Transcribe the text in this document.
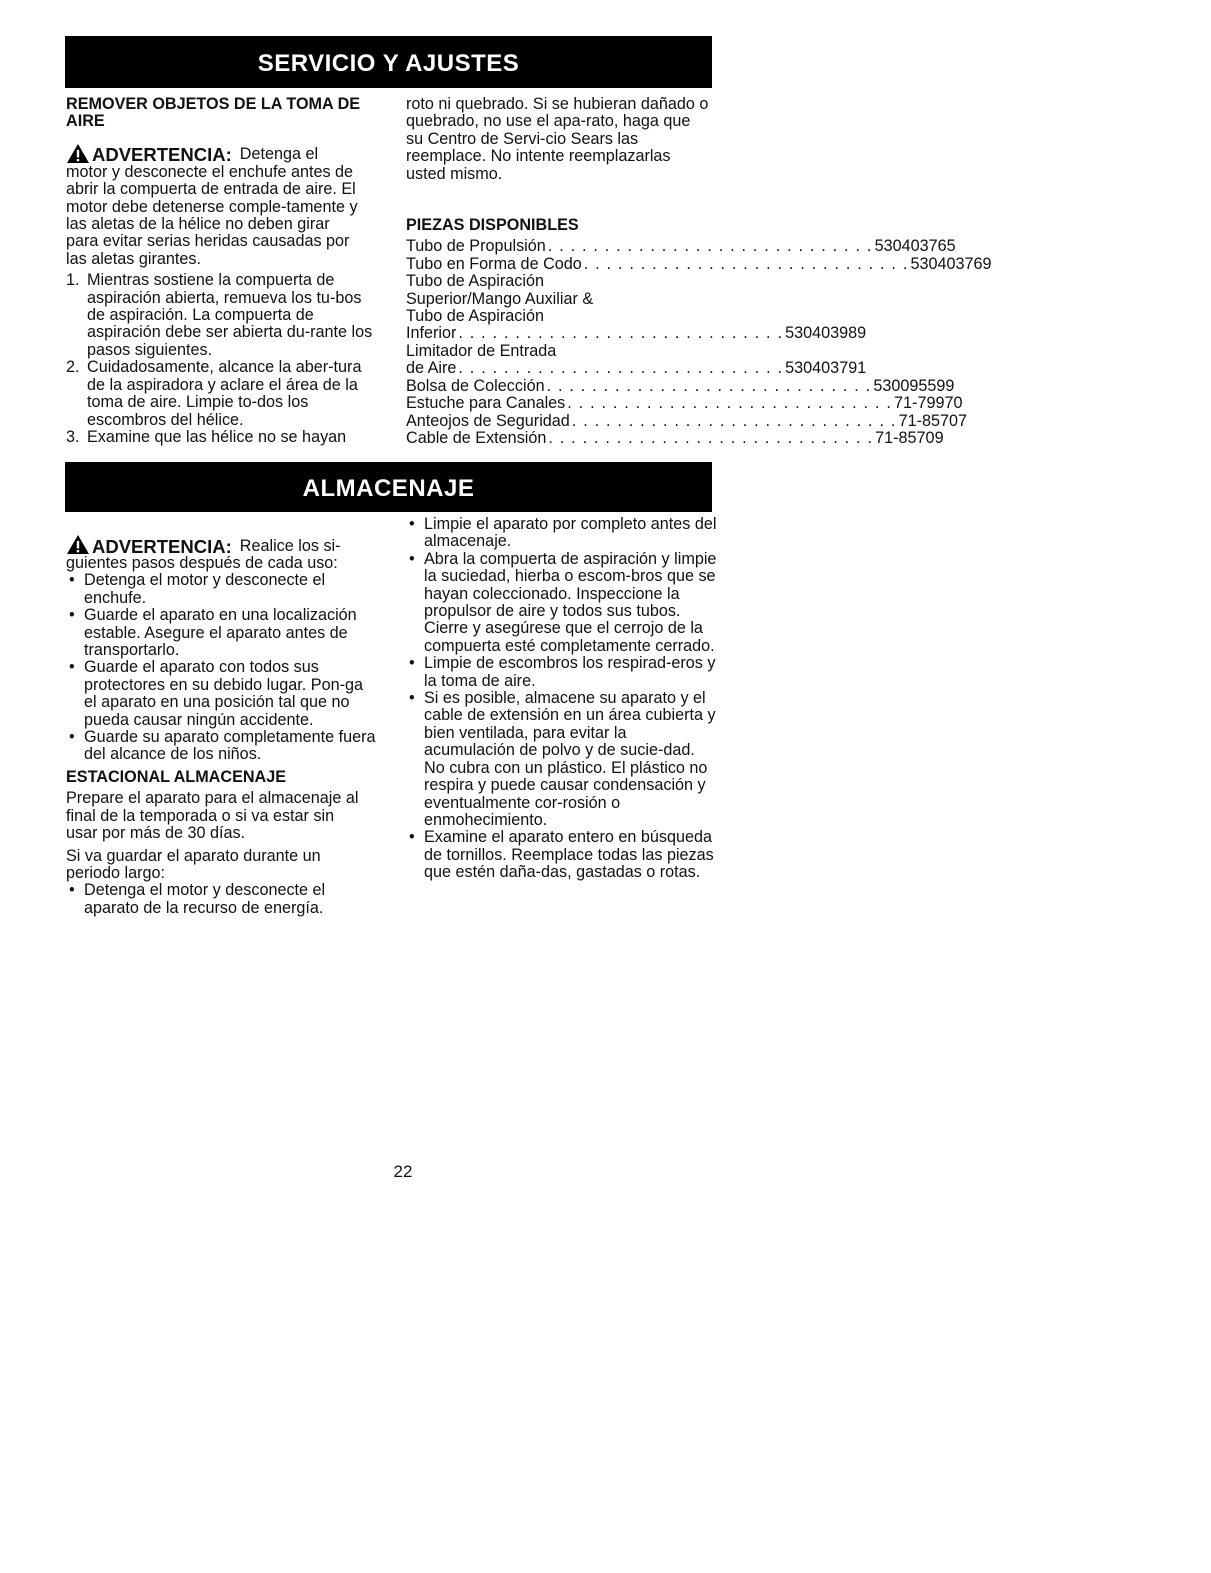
SERVICIO Y AJUSTES

REMOVER OBJETOS DE LA TOMA DE AIRE

ADVERTENCIA: Detenga el

motor y desconecte el enchufe antes de abrir la compuerta de entrada de aire. El motor debe detenerse comple-tamente y las aletas de la hélice no deben girar para evitar serias heridas causadas por las aletas girantes.

1. Mientras sostiene la compuerta de aspiración abierta, remueva los tu-bos de aspiración. La compuerta de aspiración debe ser abierta du-rante los pasos siguientes.
2. Cuidadosamente, alcance la aber-tura de la aspiradora y aclare el área de la toma de aire. Limpie to-dos los escombros del hélice.
3. Examine que las hélice no se hayan

roto ni quebrado. Si se hubieran dañado o quebrado, no use el apa-rato, haga que su Centro de Servi-cio Sears las reemplace. No intente reemplazarlas usted mismo.

PIEZAS DISPONIBLES

Tubo de Propulsión . . . . . . . . . . . . . . . . . . . . . . . . . . . . . 530403765
Tubo en Forma de Codo . . . . . . . . . . . . . . . . . . . . . . . . . . . . . 530403769
Tubo de Aspiración
Superior/Mango Auxiliar &
Tubo de Aspiración
Inferior . . . . . . . . . . . . . . . . . . . . . . . . . . . . . 530403989
Limitador de Entrada
de Aire . . . . . . . . . . . . . . . . . . . . . . . . . . . . . 530403791
Bolsa de Colección . . . . . . . . . . . . . . . . . . . . . . . . . . . . . 530095599
Estuche para Canales . . . . . . . . . . . . . . . . . . . . . . . . . . . . . 71-79970
Anteojos de Seguridad . . . . . . . . . . . . . . . . . . . . . . . . . . . . . 71-85707
Cable de Extensión . . . . . . . . . . . . . . . . . . . . . . . . . . . . . 71-85709
ALMACENAJE
ADVERTENCIA: Realice los si-

guientes pasos después de cada uso:

• Detenga el motor y desconecte el enchufe.
• Guarde el aparato en una localización estable. Asegure el aparato antes de transportarlo.
• Guarde el aparato con todos sus protectores en su debido lugar. Pon-ga el aparato en una posición tal que no pueda causar ningún accidente.
• Guarde su aparato completamente fuera del alcance de los niños.

ESTACIONAL ALMACENAJE

Prepare el aparato para el almacenaje al final de la temporada o si va estar sin usar por más de 30 días.

Si va guardar el aparato durante un periodo largo:

• Detenga el motor y desconecte el aparato de la recurso de energía.
• Limpie el aparato por completo antes del almacenaje.
• Abra la compuerta de aspiración y limpie la suciedad, hierba o escom-bros que se hayan coleccionado. Inspeccione la propulsor de aire y todos sus tubos. Cierre y asegúrese que el cerrojo de la compuerta esté completamente cerrado.
• Limpie de escombros los respirad-eros y la toma de aire.
• Si es posible, almacene su aparato y el cable de extensión en un área cubierta y bien ventilada, para evitar la acumulación de polvo y de sucie-dad. No cubra con un plástico. El plástico no respira y puede causar condensación y eventualmente cor-rosión o enmohecimiento.
• Examine el aparato entero en búsqueda de tornillos. Reemplace todas las piezas que estén daña-das, gastadas o rotas.
22
